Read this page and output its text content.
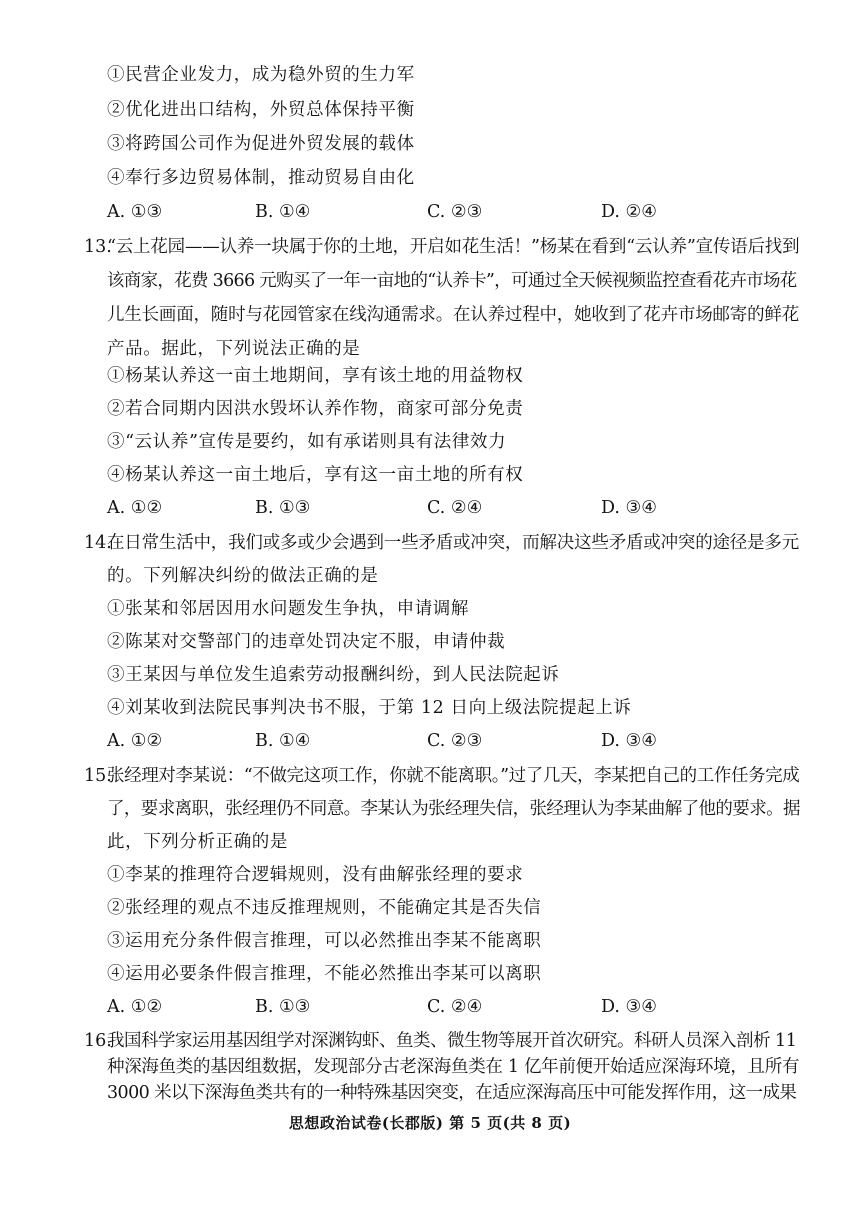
①民营企业发力，成为稳外贸的生力军
②优化进出口结构，外贸总体保持平衡
③将跨国公司作为促进外贸发展的载体
④奉行多边贸易体制，推动贸易自由化
A. ①③	B. ①④	C. ②③	D. ②④
13.
“云上花园——认养一块属于你的土地，开启如花生活！”杨某在看到“云认养”宣传语后找到
该商家，花费 3666 元购买了一年一亩地的“认养卡”，可通过全天候视频监控查看花卉市场花
儿生长画面，随时与花园管家在线沟通需求。在认养过程中，她收到了花卉市场邮寄的鲜花
产品。据此，下列说法正确的是
①杨某认养这一亩土地期间，享有该土地的用益物权
②若合同期内因洪水毁坏认养作物，商家可部分免责
③“云认养”宣传是要约，如有承诺则具有法律效力
④杨某认养这一亩土地后，享有这一亩土地的所有权
A. ①②	B. ①③	C. ②④	D. ③④
14.
在日常生活中，我们或多或少会遇到一些矛盾或冲突，而解决这些矛盾或冲突的途径是多元
的。下列解决纠纷的做法正确的是
①张某和邻居因用水问题发生争执，申请调解
②陈某对交警部门的违章处罚决定不服，申请仲裁
③王某因与单位发生追索劳动报酬纠纷，到人民法院起诉
④刘某收到法院民事判决书不服，于第 12 日向上级法院提起上诉
A. ①②	B. ①④	C. ②③	D. ③④
15.
张经理对李某说：“不做完这项工作，你就不能离职。”过了几天，李某把自己的工作任务完成
了，要求离职，张经理仍不同意。李某认为张经理失信，张经理认为李某曲解了他的要求。据
此，下列分析正确的是
①李某的推理符合逻辑规则，没有曲解张经理的要求
②张经理的观点不违反推理规则，不能确定其是否失信
③运用充分条件假言推理，可以必然推出李某不能离职
④运用必要条件假言推理，不能必然推出李某可以离职
A. ①②	B. ①③	C. ②④	D. ③④
16.
我国科学家运用基因组学对深渊钩虾、鱼类、微生物等展开首次研究。科研人员深入剖析 11
种深海鱼类的基因组数据，发现部分古老深海鱼类在 1 亿年前便开始适应深海环境，且所有
3000 米以下深海鱼类共有的一种特殊基因突变，在适应深海高压中可能发挥作用，这一成果
思想政治试卷(长郡版) 第 5 页(共 8 页)
